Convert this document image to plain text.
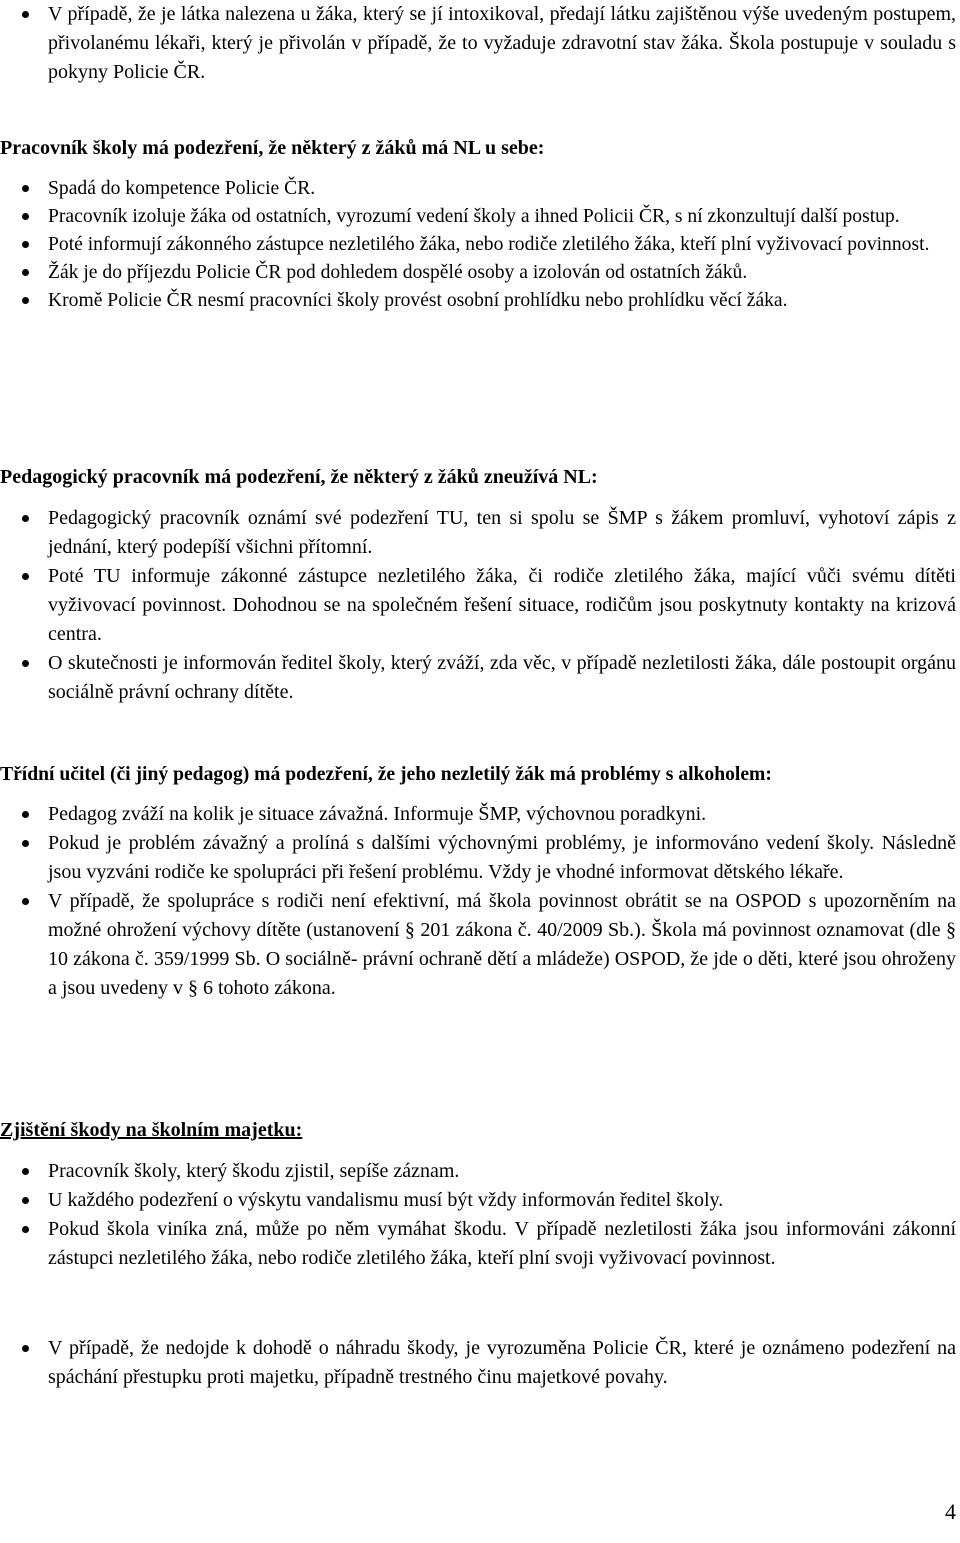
V případě, že je látka nalezena u žáka, který se jí intoxikoval, předají látku zajištěnou výše uvedeným postupem, přivolanému lékaři, který je přivolán v případě, že to vyžaduje zdravotní stav žáka. Škola postupuje v souladu s pokyny Policie ČR.

Pracovník školy má podezření, že některý z žáků má NL u sebe:

Spadá do kompetence Policie ČR.
Pracovník izoluje žáka od ostatních, vyrozumí vedení školy a ihned Policii ČR, s ní zkonzultují další postup.
Poté informují zákonného zástupce nezletilého žáka, nebo rodiče zletilého žáka, kteří plní vyživovací povinnost.
Žák je do příjezdu Policie ČR pod dohledem dospělé osoby a izolován od ostatních žáků.
Kromě Policie ČR nesmí pracovníci školy provést osobní prohlídku nebo prohlídku věcí žáka.

Pedagogický pracovník má podezření, že některý z žáků zneužívá NL:

Pedagogický pracovník oznámí své podezření TU, ten si spolu se ŠMP s žákem promluví, vyhotoví zápis z jednání, který podepíší všichni přítomní.
Poté TU informuje zákonné zástupce nezletilého žáka, či rodiče zletilého žáka, mající vůči svému dítěti vyživovací povinnost. Dohodnou se na společném řešení situace, rodičům jsou poskytnuty kontakty na krizová centra.
O skutečnosti je informován ředitel školy, který zváží, zda věc, v případě nezletilosti žáka, dále postoupit orgánu sociálně právní ochrany dítěte.

Třídní učitel (či jiný pedagog) má podezření, že jeho nezletilý žák má problémy s alkoholem:

Pedagog zváží na kolik je situace závažná. Informuje ŠMP, výchovnou poradkyni.
Pokud je problém závažný a prolíná s dalšími výchovnými problémy, je informováno vedení školy. Následně jsou vyzváni rodiče ke spolupráci při řešení problému. Vždy je vhodné informovat dětského lékaře.
V případě, že spolupráce s rodiči není efektivní, má škola povinnost obrátit se na OSPOD s upozorněním na možné ohrožení výchovy dítěte (ustanovení § 201 zákona č. 40/2009 Sb.). Škola má povinnost oznamovat (dle § 10 zákona č. 359/1999 Sb. O sociálně- právní ochraně dětí a mládeže) OSPOD, že jde o děti, které jsou ohroženy a jsou uvedeny v § 6 tohoto zákona.

Zjištění škody na školním majetku:

Pracovník školy, který škodu zjistil, sepíše záznam.
U každého podezření o výskytu vandalismu musí být vždy informován ředitel školy.
Pokud škola viníka zná, může po něm vymáhat škodu. V případě nezletilosti žáka jsou informováni zákonní zástupci nezletilého žáka, nebo rodiče zletilého žáka, kteří plní svoji vyživovací povinnost.
V případě, že nedojde k dohodě o náhradu škody, je vyrozuměna Policie ČR, které je oznámeno podezření na spáchání přestupku proti majetku, případně trestného činu majetkové povahy.
4
